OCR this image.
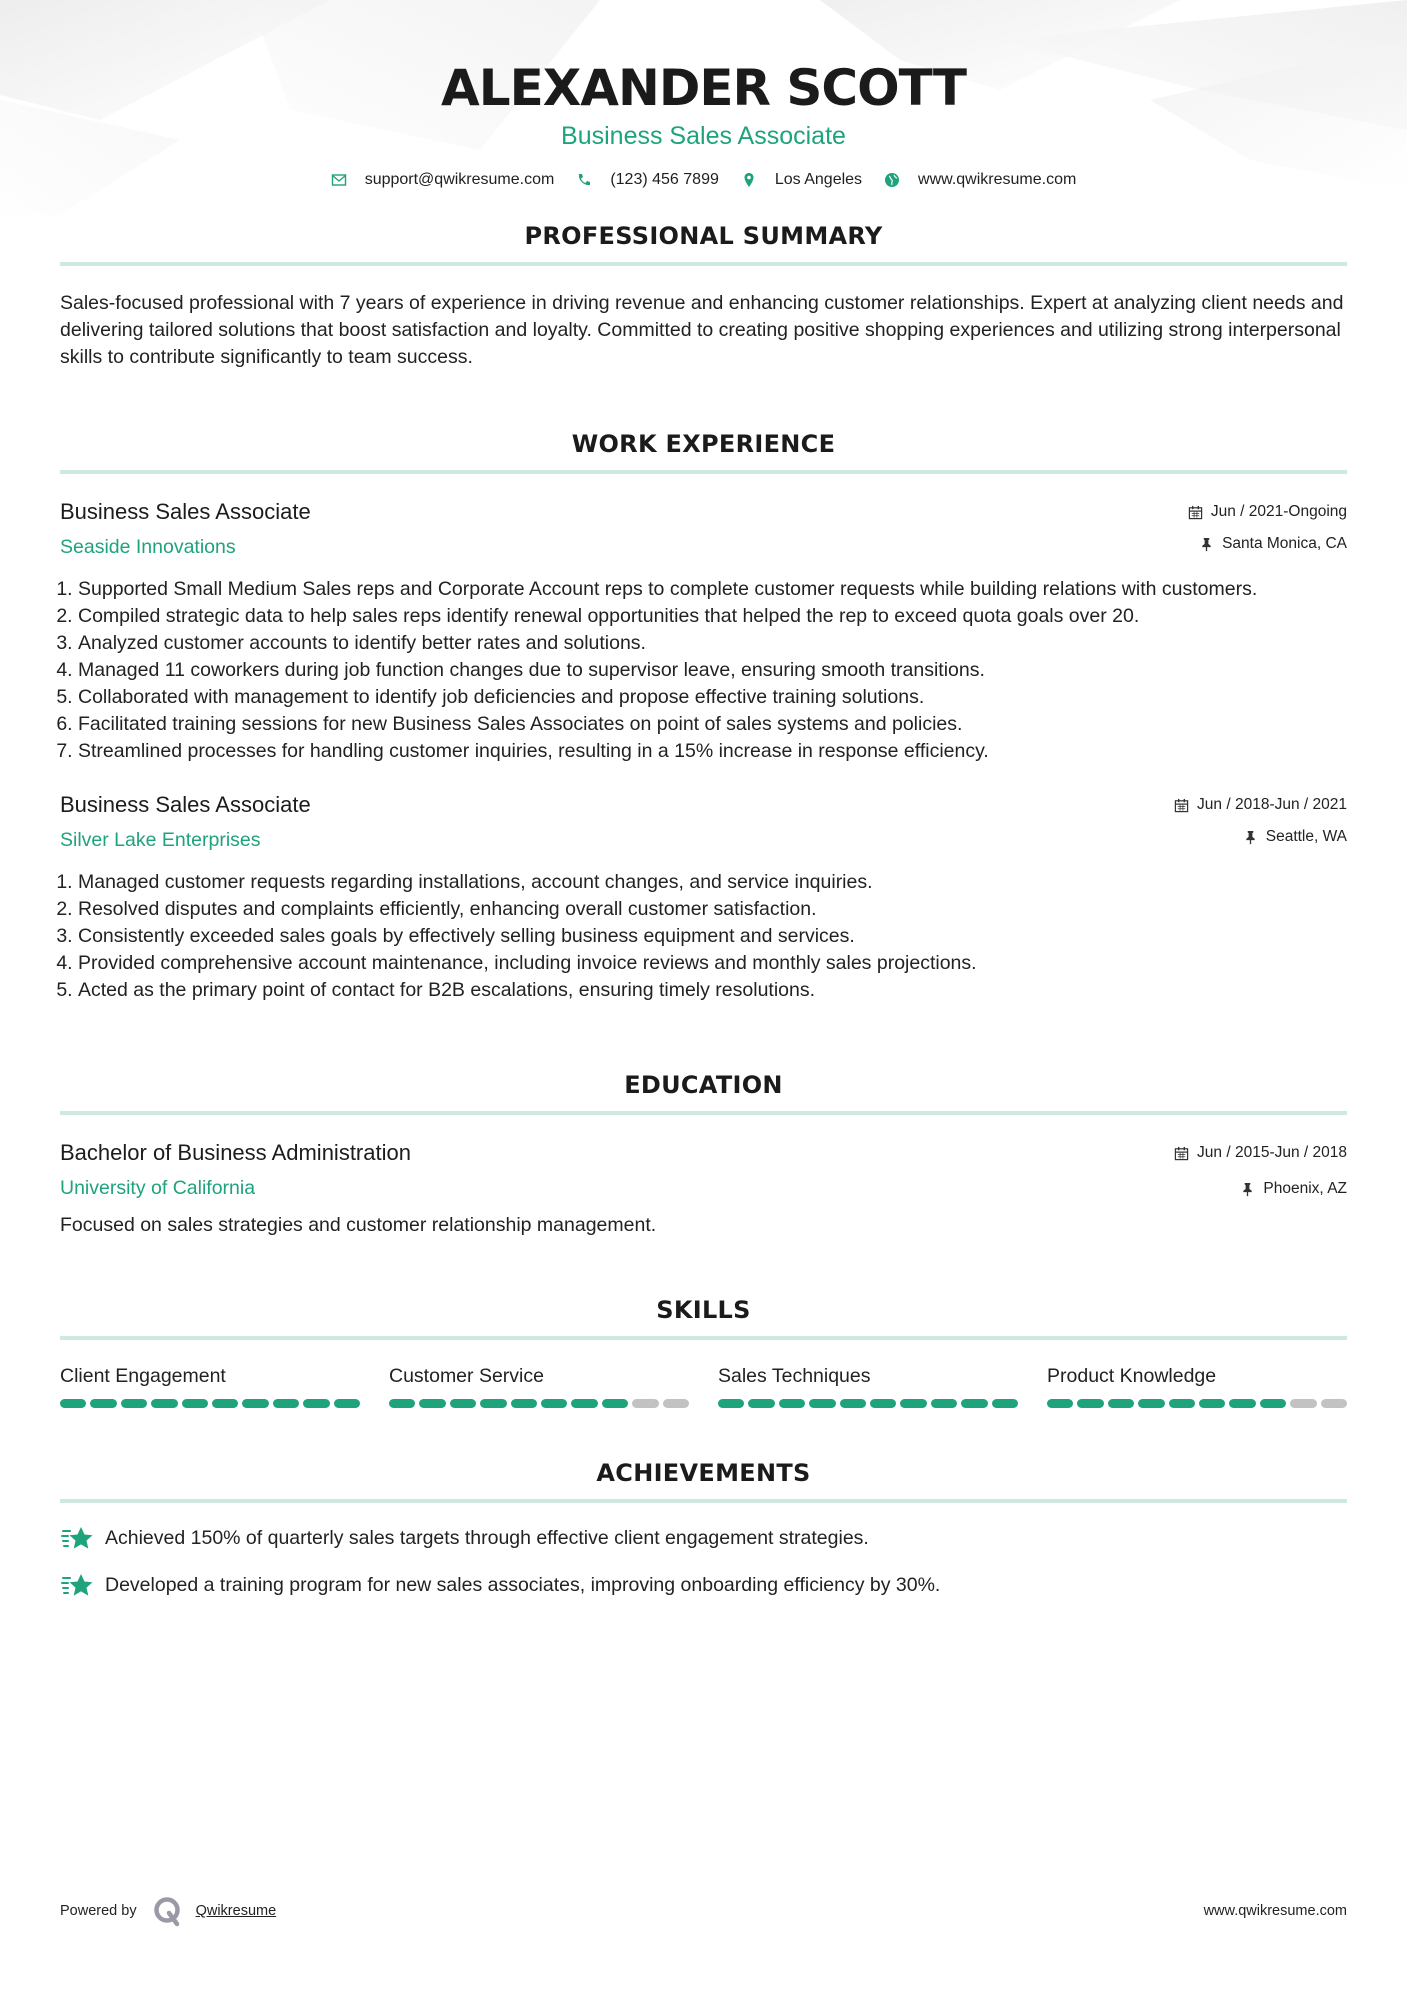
ALEXANDER SCOTT
Business Sales Associate
support@qwikresume.com	(123) 456 7899	Los Angeles	www.qwikresume.com
PROFESSIONAL SUMMARY

Sales-focused professional with 7 years of experience in driving revenue and enhancing customer relationships. Expert at analyzing client needs and delivering tailored solutions that boost satisfaction and loyalty. Committed to creating positive shopping experiences and utilizing strong interpersonal skills to contribute significantly to team success.

WORK EXPERIENCE
Business Sales Associate
Seaside Innovations
Jun / 2021-Ongoing
Santa Monica, CA
1. Supported Small Medium Sales reps and Corporate Account reps to complete customer requests while building relations with customers.
2. Compiled strategic data to help sales reps identify renewal opportunities that helped the rep to exceed quota goals over 20.
3. Analyzed customer accounts to identify better rates and solutions.
4. Managed 11 coworkers during job function changes due to supervisor leave, ensuring smooth transitions.
5. Collaborated with management to identify job deficiencies and propose effective training solutions.
6. Facilitated training sessions for new Business Sales Associates on point of sales systems and policies.
7. Streamlined processes for handling customer inquiries, resulting in a 15% increase in response efficiency.
Business Sales Associate
Silver Lake Enterprises
Jun / 2018-Jun / 2021
Seattle, WA
1. Managed customer requests regarding installations, account changes, and service inquiries.
2. Resolved disputes and complaints efficiently, enhancing overall customer satisfaction.
3. Consistently exceeded sales goals by effectively selling business equipment and services.
4. Provided comprehensive account maintenance, including invoice reviews and monthly sales projections.
5. Acted as the primary point of contact for B2B escalations, ensuring timely resolutions.
EDUCATION
Bachelor of Business Administration
University of California
Jun / 2015-Jun / 2018
Phoenix, AZ

Focused on sales strategies and customer relationship management.

SKILLS
Client Engagement	Customer Service	Sales Techniques	Product Knowledge
ACHIEVEMENTS
Achieved 150% of quarterly sales targets through effective client engagement strategies.
Developed a training program for new sales associates, improving onboarding efficiency by 30%.
Powered by	Qwikresume	www.qwikresume.com
